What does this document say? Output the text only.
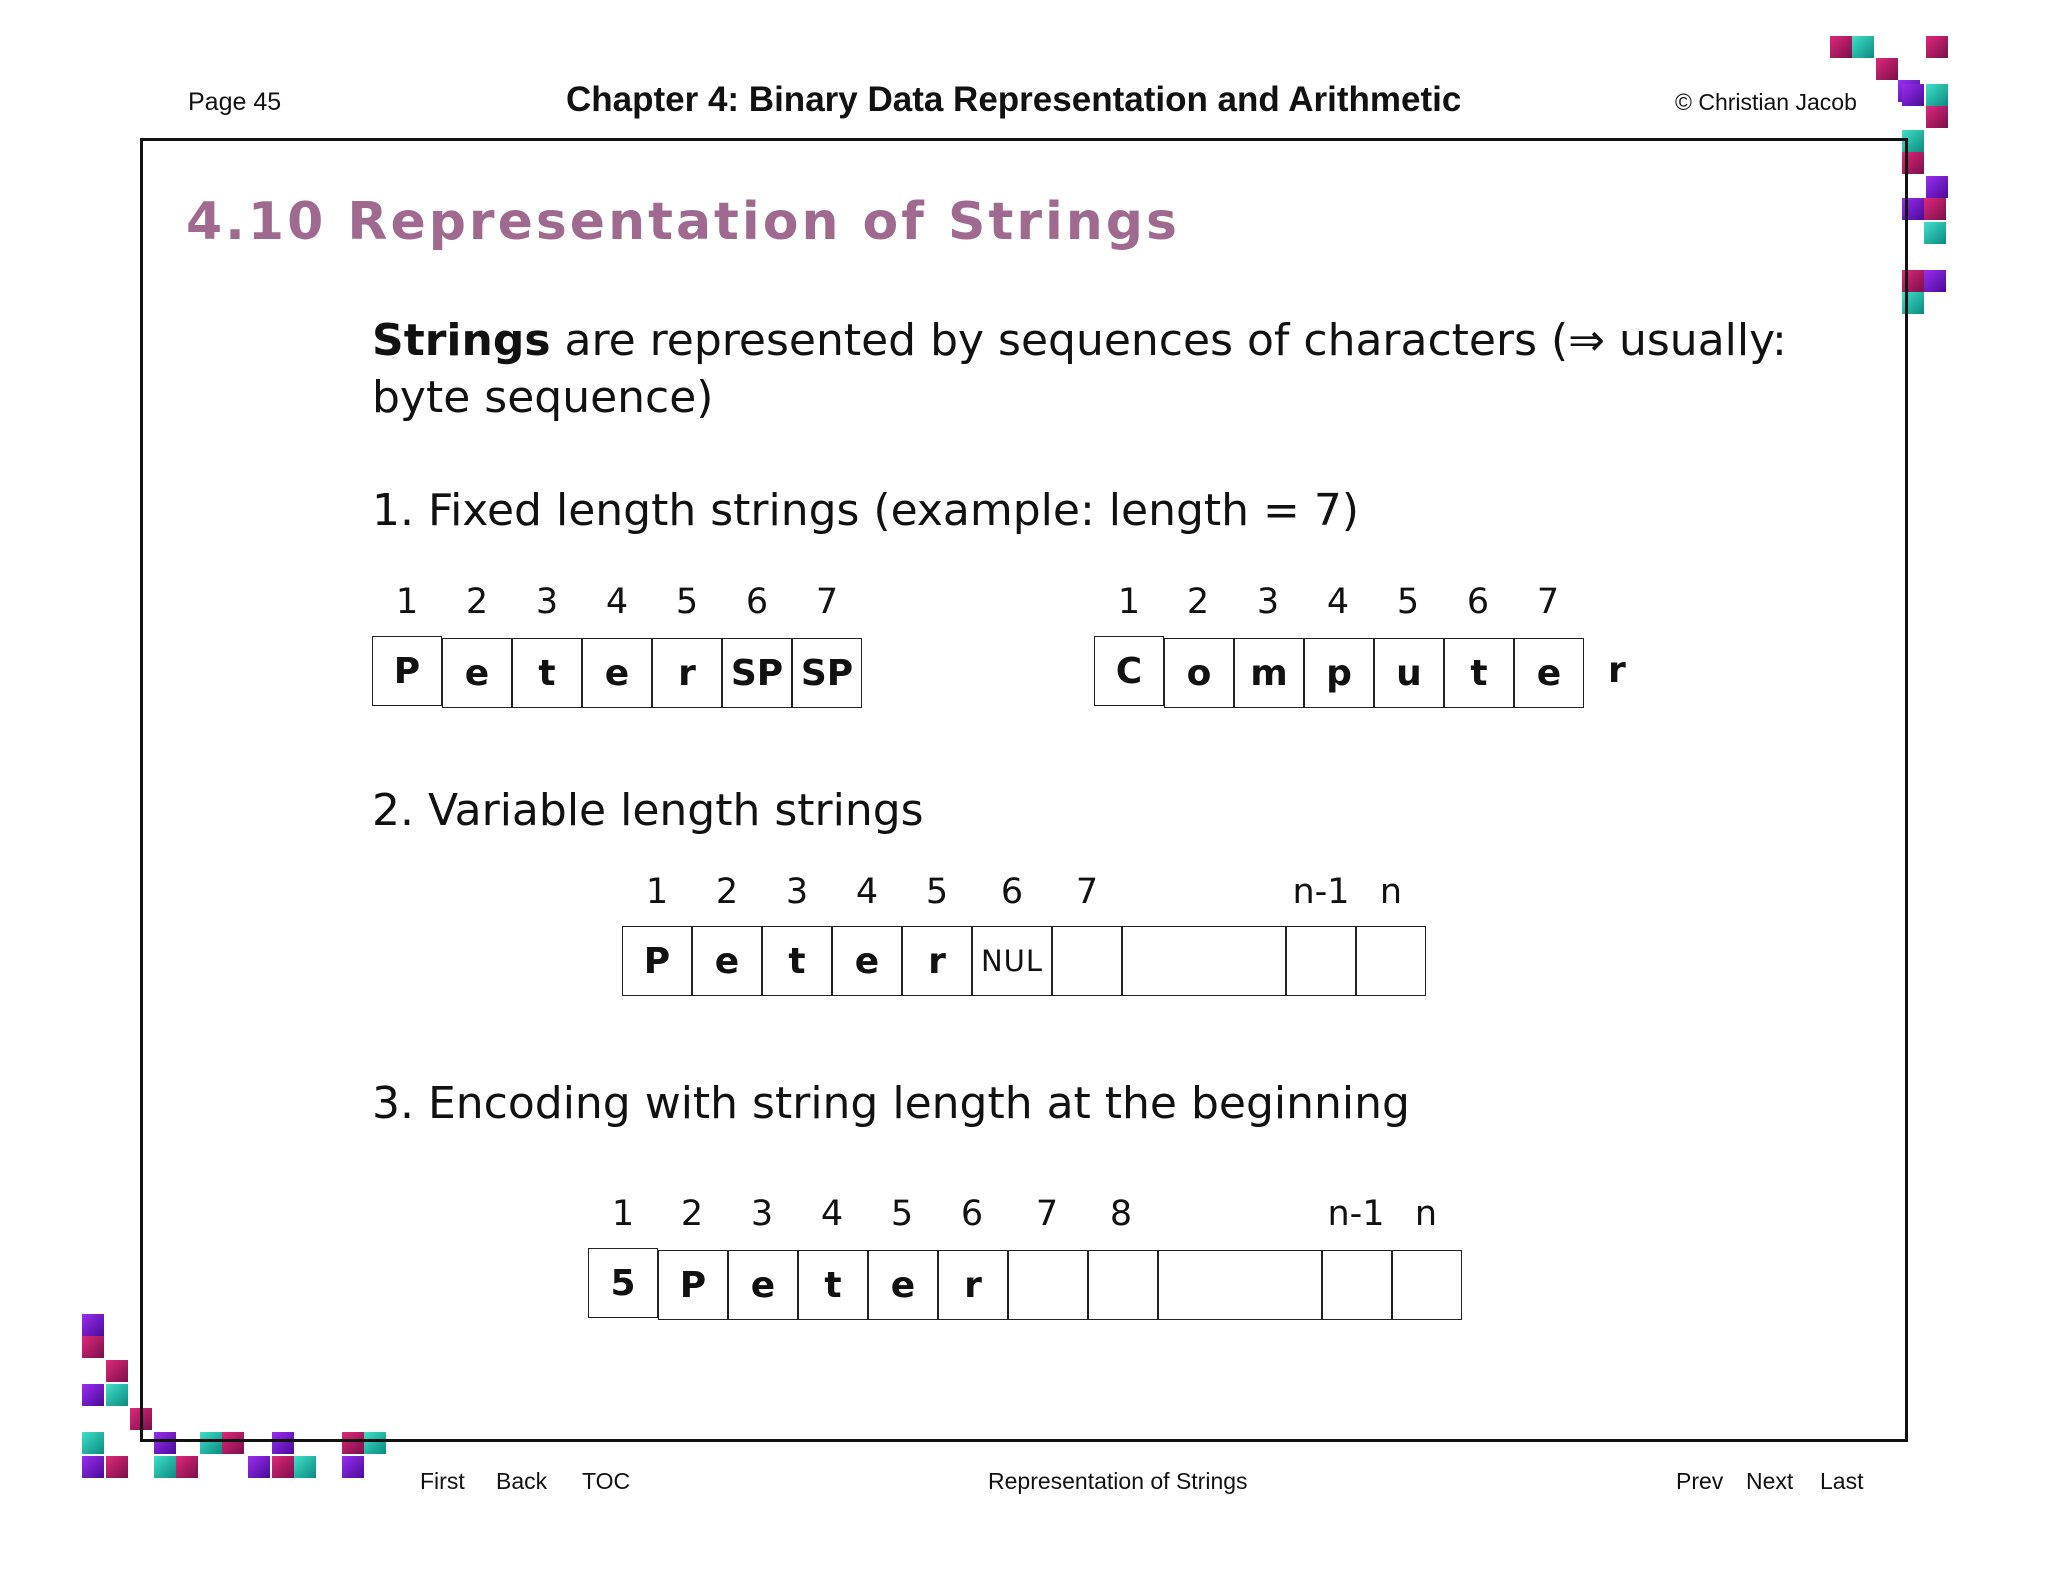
Page 45	Chapter 4: Binary Data Representation and Arithmetic	© Christian Jacob
4.10 Representation of Strings
Strings are represented by sequences of characters (⇒ usually: byte sequence)
1. Fixed length strings (example: length = 7)
1	2	3	4	5	6	7
P	e	t	e	r SP SP
1	2	3	4	5	6	7
C	o	m	p	u	t	e	r
2. Variable length strings
1	2	3	4	5	6	7	n-1 n
P	e	t	e	r	NUL
3. Encoding with string length at the beginning
1	2	3	4	5	6	7	8	n-1 n
5	P	e	t	e	r
First Back TOC	Representation of Strings	Prev Next Last
